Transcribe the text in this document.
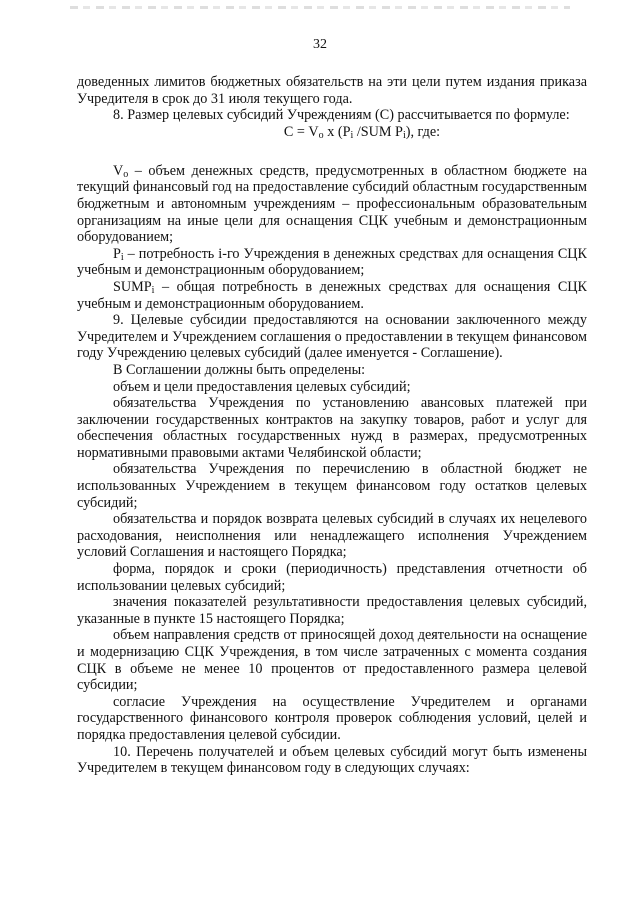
32

доведенных лимитов бюджетных обязательств на эти цели путем издания приказа Учредителя в срок до 31 июля текущего года.

8. Размер целевых субсидий Учреждениям (С) рассчитывается по формуле:

$С = V_o$ х ($P_i$ /SUM $P_i$), где:

$V_o$ – объем денежных средств, предусмотренных в областном бюджете на текущий финансовый год на предоставление субсидий областным государственным бюджетным и автономным учреждениям – профессиональным образовательным организациям на иные цели для оснащения СЦК учебным и демонстрационным оборудованием;

$P_i$ – потребность i-го Учреждения в денежных средствах для оснащения СЦК учебным и демонстрационным оборудованием;

$SUMP_i$ – общая потребность в денежных средствах для оснащения СЦК учебным и демонстрационным оборудованием.

9. Целевые субсидии предоставляются на основании заключенного между Учредителем и Учреждением соглашения о предоставлении в текущем финансовом году Учреждению целевых субсидий (далее именуется - Соглашение).

В Соглашении должны быть определены:

объем и цели предоставления целевых субсидий;

обязательства Учреждения по установлению авансовых платежей при заключении государственных контрактов на закупку товаров, работ и услуг для обеспечения областных государственных нужд в размерах, предусмотренных нормативными правовыми актами Челябинской области;

обязательства Учреждения по перечислению в областной бюджет не использованных Учреждением в текущем финансовом году остатков целевых субсидий;

обязательства и порядок возврата целевых субсидий в случаях их нецелевого расходования, неисполнения или ненадлежащего исполнения Учреждением условий Соглашения и настоящего Порядка;

форма, порядок и сроки (периодичность) представления отчетности об использовании целевых субсидий;

значения показателей результативности предоставления целевых субсидий, указанные в пункте 15 настоящего Порядка;

объем направления средств от приносящей доход деятельности на оснащение и модернизацию СЦК Учреждения, в том числе затраченных с момента создания СЦК в объеме не менее 10 процентов от предоставленного размера целевой субсидии;

согласие Учреждения на осуществление Учредителем и органами государственного финансового контроля проверок соблюдения условий, целей и порядка предоставления целевой субсидии.

10. Перечень получателей и объем целевых субсидий могут быть изменены Учредителем в текущем финансовом году в следующих случаях:
